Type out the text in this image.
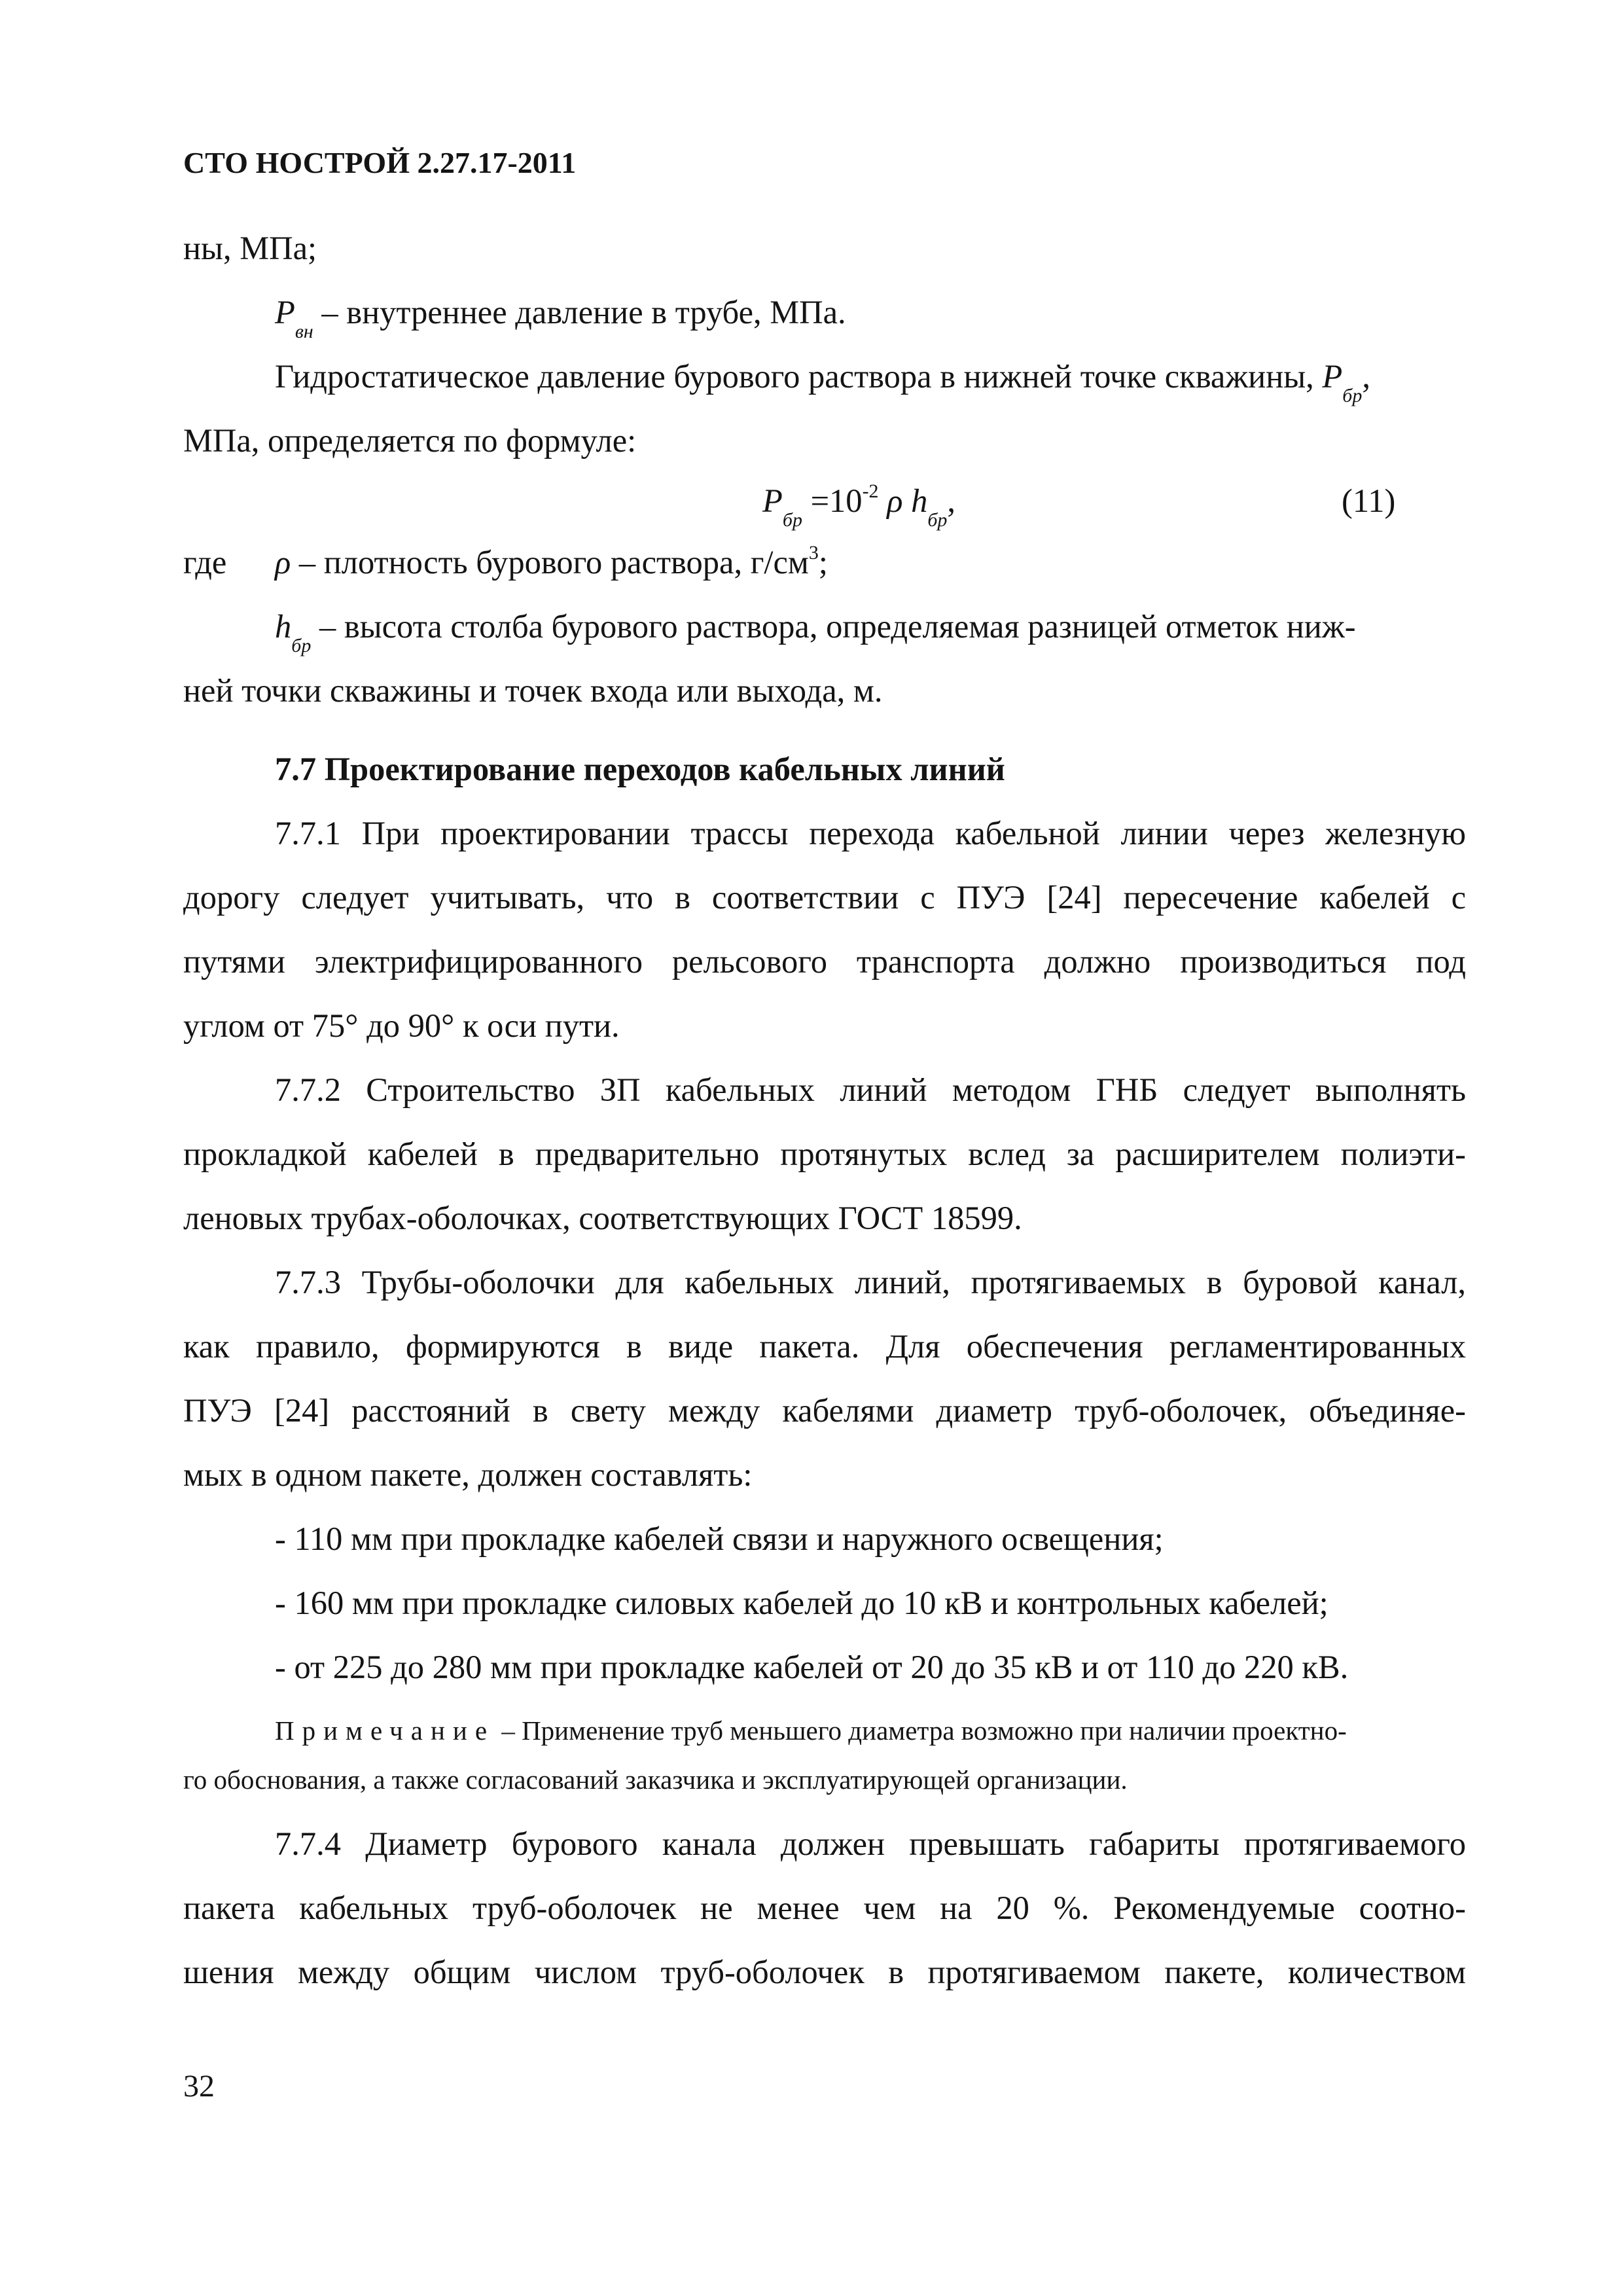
СТО НОСТРОЙ 2.27.17-2011
ны, МПа;
$P_{вн}$ – внутреннее давление в трубе, МПа.
Гидростатическое давление бурового раствора в нижней точке скважины, $P_{бр}$,
МПа, определяется по формуле:
$P_{бр} =10^{-2}$ ρ $h_{бр}$,	(11)
где ρ – плотность бурового раствора, $г/см^3$;
$h_{бр}$ – высота столба бурового раствора, определяемая разницей отметок ниж-
ней точки скважины и точек входа или выхода, м.
7.7 Проектирование переходов кабельных линий
7.7.1 При проектировании трассы перехода кабельной линии через железную
дорогу следует учитывать, что в соответствии с ПУЭ [24] пересечение кабелей с
путями электрифицированного рельсового транспорта должно производиться под
углом от 75° до 90° к оси пути.
7.7.2 Строительство ЗП кабельных линий методом ГНБ следует выполнять
прокладкой кабелей в предварительно протянутых вслед за расширителем полиэти-
леновых трубах-оболочках, соответствующих ГОСТ 18599.
7.7.3 Трубы-оболочки для кабельных линий, протягиваемых в буровой канал,
как правило, формируются в виде пакета. Для обеспечения регламентированных
ПУЭ [24] расстояний в свету между кабелями диаметр труб-оболочек, объединяе-
мых в одном пакете, должен составлять:
- 110 мм при прокладке кабелей связи и наружного освещения;
- 160 мм при прокладке силовых кабелей до 10 кВ и контрольных кабелей;
- от 225 до 280 мм при прокладке кабелей от 20 до 35 кВ и от 110 до 220 кВ.
Примечание – Применение труб меньшего диаметра возможно при наличии проектно-
го обоснования, а также согласований заказчика и эксплуатирующей организации.
7.7.4 Диаметр бурового канала должен превышать габариты протягиваемого
пакета кабельных труб-оболочек не менее чем на 20 %. Рекомендуемые соотно-
шения между общим числом труб-оболочек в протягиваемом пакете, количеством
32
